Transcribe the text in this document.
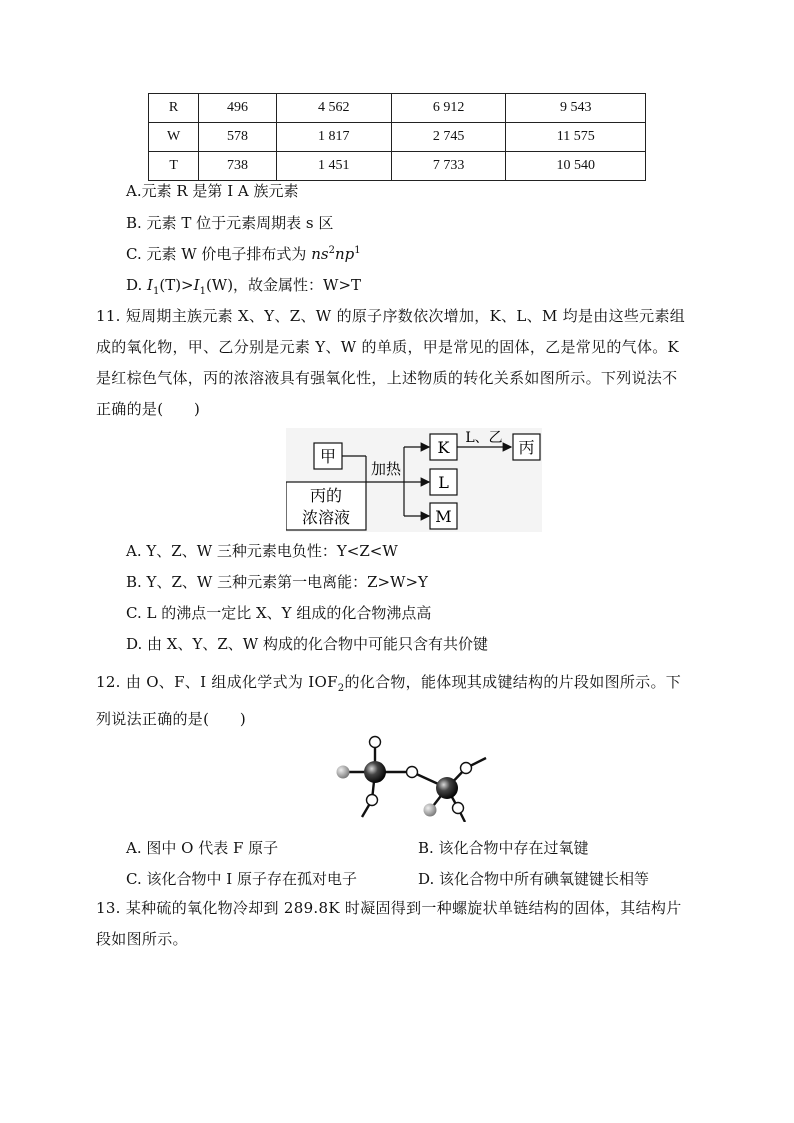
R	496	4 562	6 912	9 543
W	578	1 817	2 745	11 575
T	738	1 451	7 733	10 540
A.元素 R 是第 I A 族元素
B. 元素 T 位于元素周期表 s 区
C. 元素 W 价电子排布式为 $ns^2np^1$
D. $I_1(T)>I_1(W)$，故金属性：W>T
11. 短周期主族元素 X、Y、Z、W 的原子序数依次增加，K、L、M 均是由这些元素组
成的氧化物，甲、乙分别是元素 Y、W 的单质，甲是常见的固体，乙是常见的气体。K
是红棕色气体，丙的浓溶液具有强氧化性，上述物质的转化关系如图所示。下列说法不
正确的是(　　)
甲
丙的
浓溶液
加热
K
L
M
L、乙 丙
A. Y、Z、W 三种元素电负性：Y<Z<W
B. Y、Z、W 三种元素第一电离能：Z>W>Y
C. L 的沸点一定比 X、Y 组成的化合物沸点高
D. 由 X、Y、Z、W 构成的化合物中可能只含有共价键
12. 由 O、F、I 组成化学式为 $IOF_2$的化合物，能体现其成键结构的片段如图所示。下
列说法正确的是(　　)
A. 图中 O 代表 F 原子	B. 该化合物中存在过氧键
C. 该化合物中 I 原子存在孤对电子	D. 该化合物中所有碘氧键键长相等
13. 某种硫的氧化物冷却到 289.8K 时凝固得到一种螺旋状单链结构的固体，其结构片
段如图所示。
